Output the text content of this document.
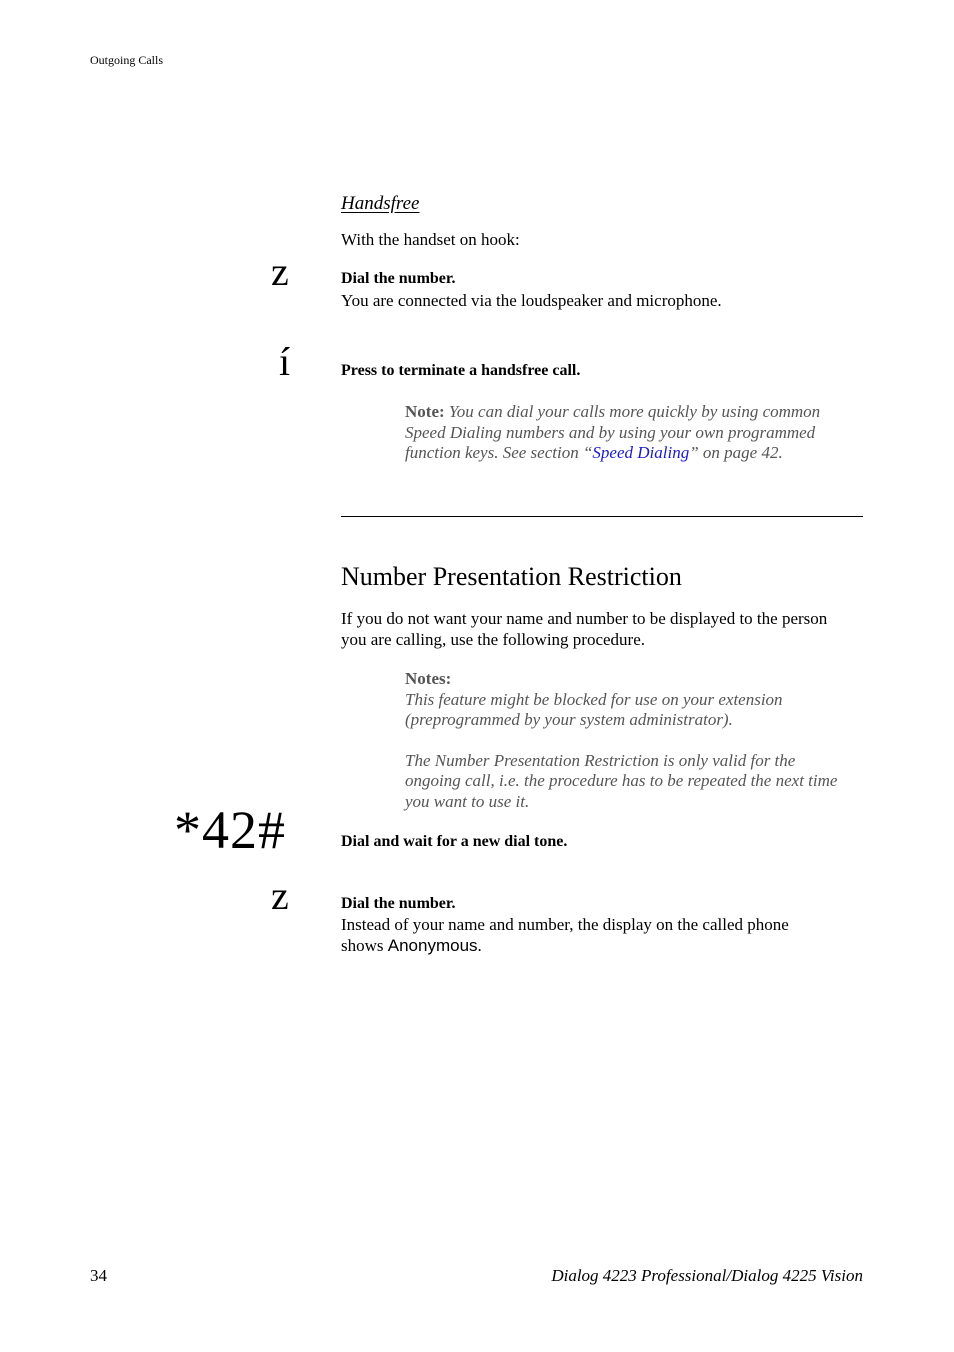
Outgoing Calls
Handsfree
With the handset on hook:
z	Dial the number.
You are connected via the loudspeaker and microphone.
í	Press to terminate a handsfree call.
Note: You can dial your calls more quickly by using common
Speed Dialing numbers and by using your own programmed
function keys. See section “Speed Dialing” on page 42.
Number Presentation Restriction
If you do not want your name and number to be displayed to the person
you are calling, use the following procedure.
Notes:
This feature might be blocked for use on your extension
(preprogrammed by your system administrator).
The Number Presentation Restriction is only valid for the
ongoing call, i.e. the procedure has to be repeated the next time
you want to use it.
*42#	Dial and wait for a new dial tone.
z	Dial the number.
Instead of your name and number, the display on the called phone
shows Anonymous.
34	Dialog 4223 Professional/Dialog 4225 Vision
